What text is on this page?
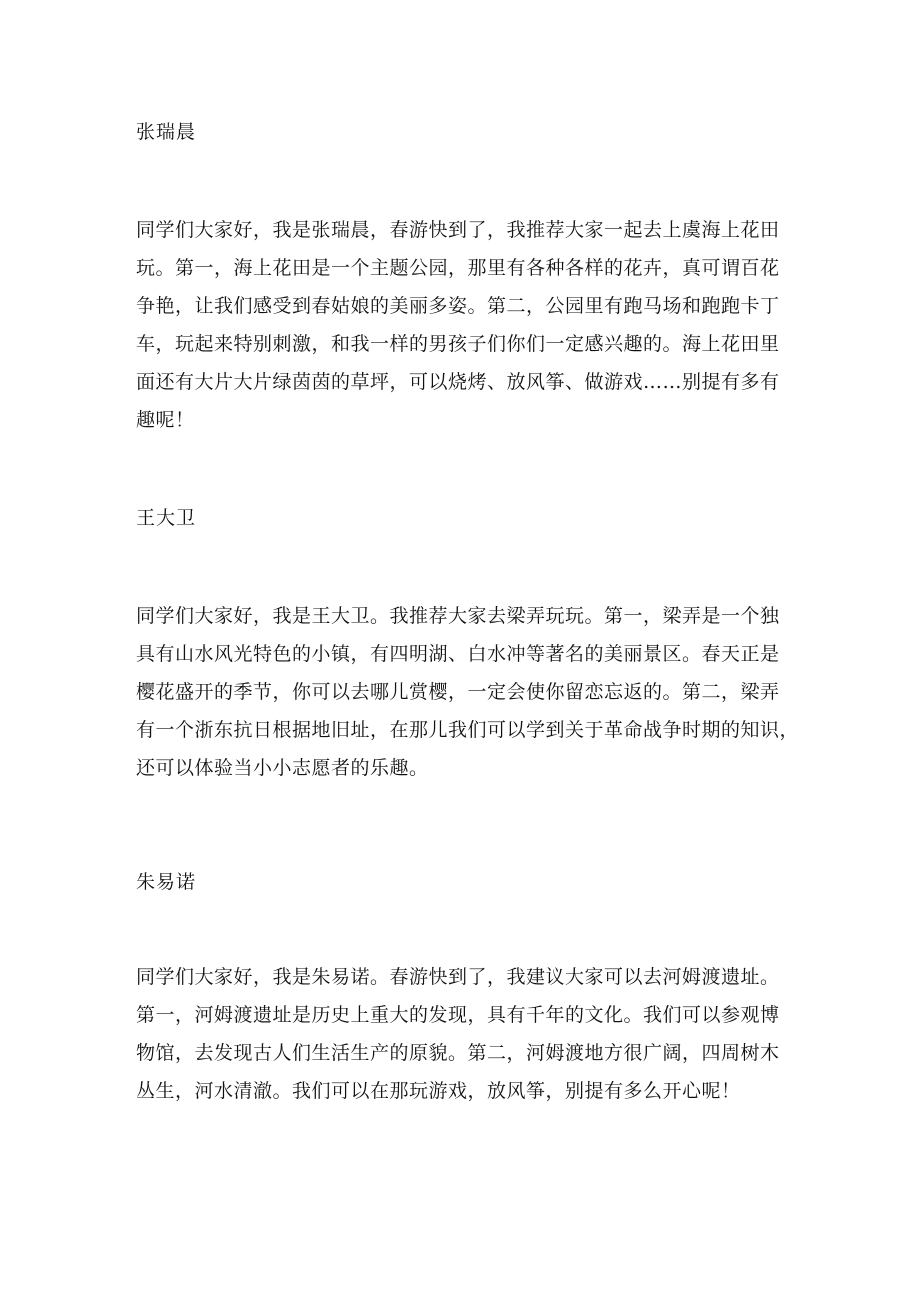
张瑞晨

同学们大家好，我是张瑞晨，春游快到了，我推荐大家一起去上虞海上花田
玩。第一，海上花田是一个主题公园，那里有各种各样的花卉，真可谓百花
争艳，让我们感受到春姑娘的美丽多姿。第二，公园里有跑马场和跑跑卡丁
车，玩起来特别刺激，和我一样的男孩子们你们一定感兴趣的。海上花田里
面还有大片大片绿茵茵的草坪，可以烧烤、放风筝、做游戏……别提有多有
趣呢！

王大卫

同学们大家好，我是王大卫。我推荐大家去梁弄玩玩。第一，梁弄是一个独
具有山水风光特色的小镇，有四明湖、白水冲等著名的美丽景区。春天正是
樱花盛开的季节，你可以去哪儿赏樱，一定会使你留恋忘返的。第二，梁弄
有一个浙东抗日根据地旧址，在那儿我们可以学到关于革命战争时期的知识，
还可以体验当小小志愿者的乐趣。

朱易诺

同学们大家好，我是朱易诺。春游快到了，我建议大家可以去河姆渡遗址。
第一，河姆渡遗址是历史上重大的发现，具有千年的文化。我们可以参观博
物馆，去发现古人们生活生产的原貌。第二，河姆渡地方很广阔，四周树木
丛生，河水清澈。我们可以在那玩游戏，放风筝，别提有多么开心呢！
